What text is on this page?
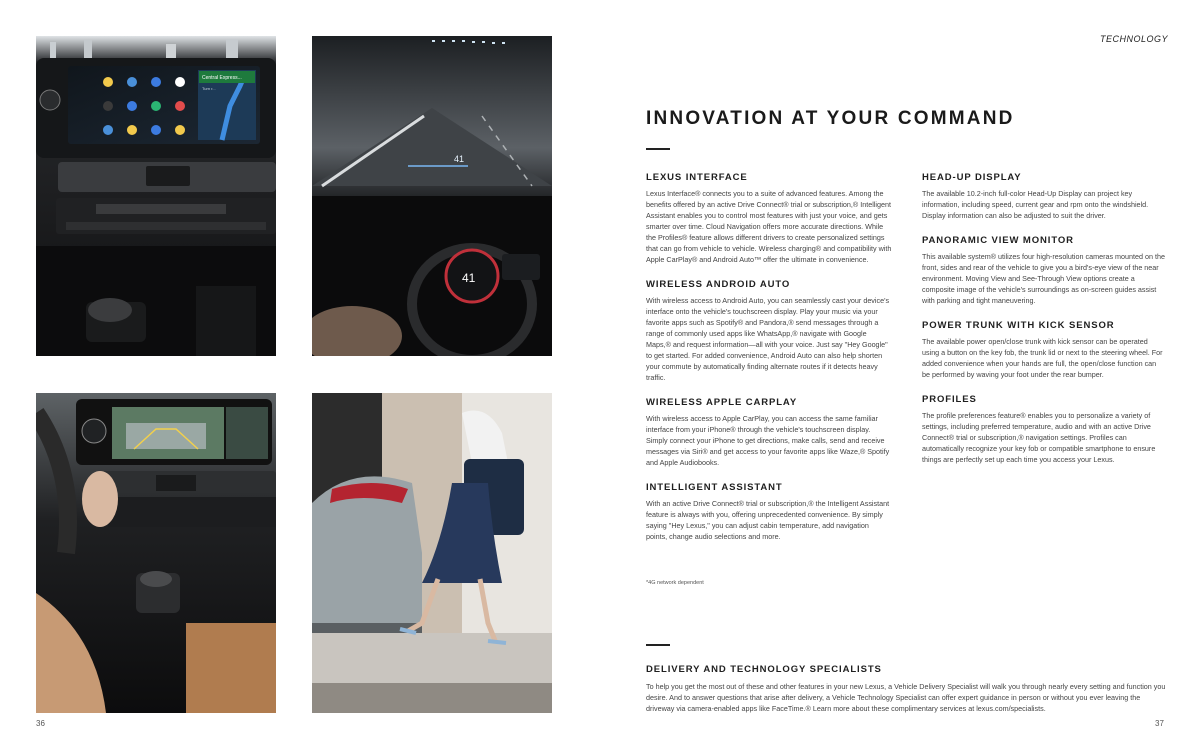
Central Express...
Turn r...
41
41
36
TECHNOLOGY
INNOVATION AT YOUR COMMAND
LEXUS INTERFACE

Lexus Interface® connects you to a suite of advanced features. Among the benefits offered by an active Drive Connect® trial or subscription,® Intelligent Assistant enables you to control most features with just your voice, and gets smarter over time. Cloud Navigation offers more accurate directions. While the Profiles® feature allows different drivers to create personalized settings that can go from vehicle to vehicle. Wireless charging® and compatibility with Apple CarPlay® and Android Auto™ offer the ultimate in convenience.

WIRELESS ANDROID AUTO

With wireless access to Android Auto, you can seamlessly cast your device's interface onto the vehicle's touchscreen display. Play your music via your favorite apps such as Spotify® and Pandora,® send messages through a range of commonly used apps like WhatsApp,® navigate with Google Maps,® and request information—all with your voice. Just say "Hey Google" to get started. For added convenience, Android Auto can also help shorten your commute by automatically finding alternate routes if it detects heavy traffic.

WIRELESS APPLE CARPLAY

With wireless access to Apple CarPlay, you can access the same familiar interface from your iPhone® through the vehicle's touchscreen display. Simply connect your iPhone to get directions, make calls, send and receive messages via Siri® and get access to your favorite apps like Waze,® Spotify and Apple Audiobooks.

INTELLIGENT ASSISTANT

With an active Drive Connect® trial or subscription,® the Intelligent Assistant feature is always with you, offering unprecedented convenience. By simply saying "Hey Lexus," you can adjust cabin temperature, add navigation points, change audio selections and more.

HEAD-UP DISPLAY

The available 10.2-inch full-color Head-Up Display can project key information, including speed, current gear and rpm onto the windshield. Display information can also be adjusted to suit the driver.

PANORAMIC VIEW MONITOR

This available system® utilizes four high-resolution cameras mounted on the front, sides and rear of the vehicle to give you a bird's-eye view of the near environment. Moving View and See-Through View options create a composite image of the vehicle's surroundings as on-screen guides assist with parking and tight maneuvering.

POWER TRUNK WITH KICK SENSOR

The available power open/close trunk with kick sensor can be operated using a button on the key fob, the trunk lid or next to the steering wheel. For added convenience when your hands are full, the open/close function can be performed by waving your foot under the rear bumper.

PROFILES

The profile preferences feature® enables you to personalize a variety of settings, including preferred temperature, audio and with an active Drive Connect® trial or subscription,® navigation settings. Profiles can automatically recognize your key fob or compatible smartphone to ensure things are perfectly set up each time you access your Lexus.

*4G network dependent
DELIVERY AND TECHNOLOGY SPECIALISTS

To help you get the most out of these and other features in your new Lexus, a Vehicle Delivery Specialist will walk you through nearly every setting and function you desire. And to answer questions that arise after delivery, a Vehicle Technology Specialist can offer expert guidance in person or without you ever leaving the driveway via camera-enabled apps like FaceTime.® Learn more about these complimentary services at lexus.com/specialists.

37
